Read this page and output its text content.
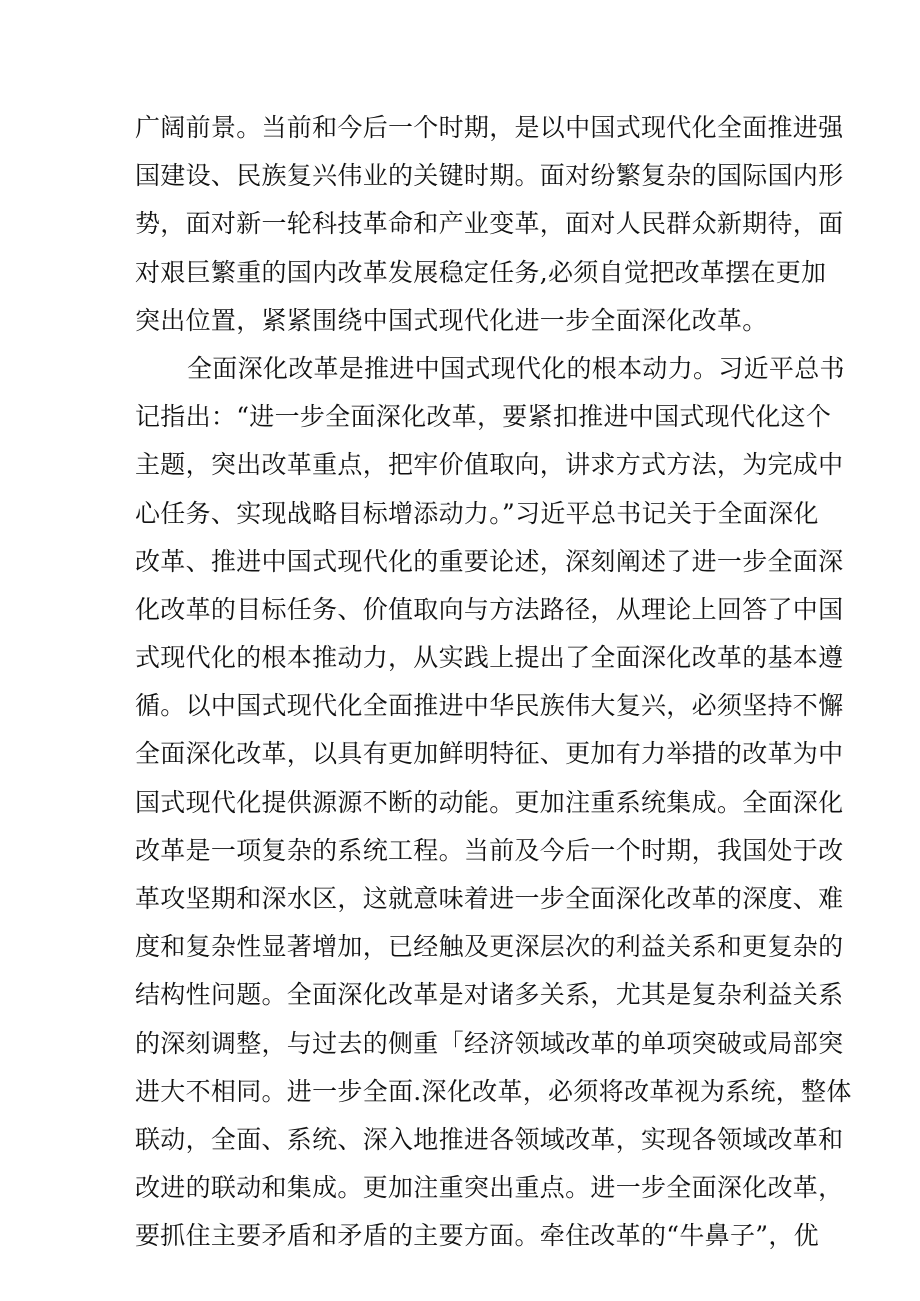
广阔前景。当前和今后一个时期，是以中国式现代化全面推进强
国建设、民族复兴伟业的关键时期。面对纷繁复杂的国际国内形
势，面对新一轮科技革命和产业变革，面对人民群众新期待，面
对艰巨繁重的国内改革发展稳定任务,必须自觉把改革摆在更加
突出位置，紧紧围绕中国式现代化进一步全面深化改革。
全面深化改革是推进中国式现代化的根本动力。习近平总书
记指出：“进一步全面深化改革，要紧扣推进中国式现代化这个
主题，突出改革重点，把牢价值取向，讲求方式方法，为完成中
心任务、实现战略目标增添动力。”习近平总书记关于全面深化
改革、推进中国式现代化的重要论述，深刻阐述了进一步全面深
化改革的目标任务、价值取向与方法路径，从理论上回答了中国
式现代化的根本推动力，从实践上提出了全面深化改革的基本遵
循。以中国式现代化全面推进中华民族伟大复兴，必须坚持不懈
全面深化改革，以具有更加鲜明特征、更加有力举措的改革为中
国式现代化提供源源不断的动能。更加注重系统集成。全面深化
改革是一项复杂的系统工程。当前及今后一个时期，我国处于改
革攻坚期和深水区，这就意味着进一步全面深化改革的深度、难
度和复杂性显著增加，已经触及更深层次的利益关系和更复杂的
结构性问题。全面深化改革是对诸多关系，尤其是复杂利益关系
的深刻调整，与过去的侧重「经济领域改革的单项突破或局部突
进大不相同。进一步全面.深化改革，必须将改革视为系统，整体
联动，全面、系统、深入地推进各领域改革，实现各领域改革和
改进的联动和集成。更加注重突出重点。进一步全面深化改革，
要抓住主要矛盾和矛盾的主要方面。牵住改革的“牛鼻子”，优
